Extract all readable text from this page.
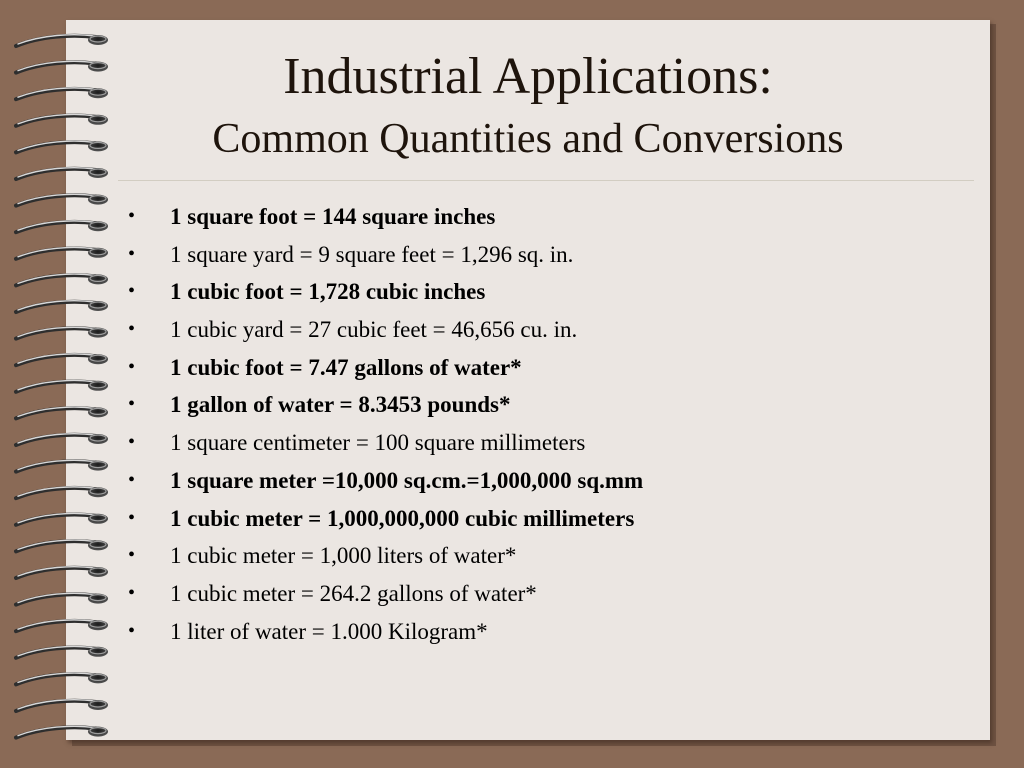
Industrial Applications:
Common Quantities and Conversions
• 1 square foot = 144 square inches
• 1 square yard = 9 square feet = 1,296 sq. in.
• 1 cubic foot = 1,728 cubic inches
• 1 cubic yard = 27 cubic feet = 46,656 cu. in.
• 1 cubic foot = 7.47 gallons of water*
• 1 gallon of water = 8.3453 pounds*
• 1 square centimeter = 100 square millimeters
• 1 square meter =10,000 sq.cm.=1,000,000 sq.mm
• 1 cubic meter = 1,000,000,000 cubic millimeters
• 1 cubic meter = 1,000 liters of water*
• 1 cubic meter = 264.2 gallons of water*
• 1 liter of water = 1.000 Kilogram*
